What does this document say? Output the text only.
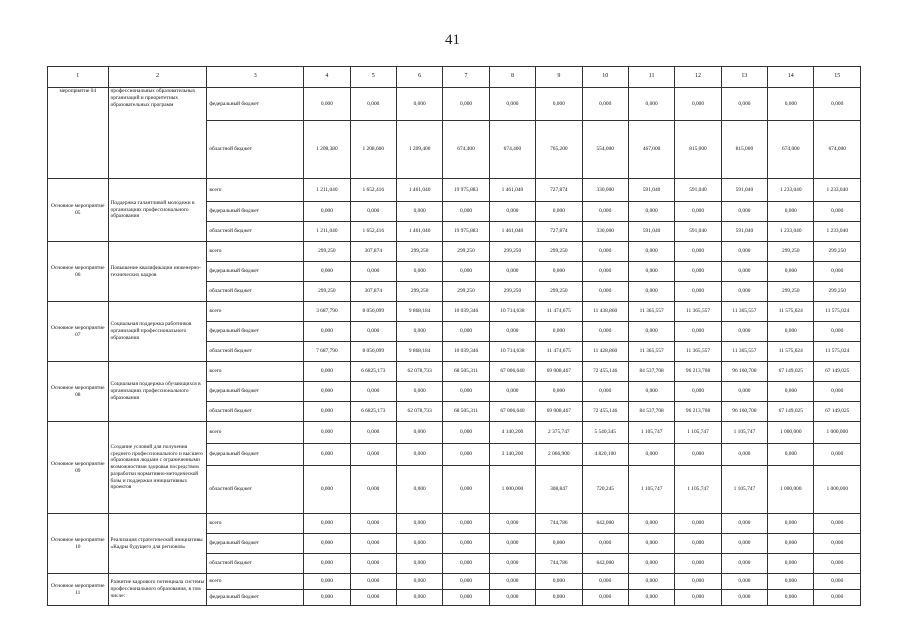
41
1	2	3	4	5	6	7	8	9	10	11	12	13	14	15
мероприятие 04	профессиональных образовательных организаций и приоритетных образовательных программ	федеральный бюджет	0,000	0,000	0,000	0,000	0,000	0,000	0,000	0,000	0,000	0,000	0,000	0,000
		областной бюджет	1 208,380	1 208,600	1 209,400	674,400	674,400	765,200	554,000	467,000	815,000	815,000	674,000	674,000
Основное мероприятие 05	Поддержка талантливой молодежи в организациях профессионального образования	всего	1 211,040	1 652,416	1 461,040	19 975,883	1 461,040	727,874	330,000	591,040	591,040	591,040	1 233,040	1 233,040
		федеральный бюджет	0,000	0,000	0,000	0,000	0,000	0,000	0,000	0,000	0,000	0,000	0,000	0,000
		областной бюджет	1 211,040	1 652,416	1 461,040	19 975,883	1 461,040	727,874	330,000	591,040	591,040	591,040	1 233,040	1 233,040
Основное мероприятие 06	Повышение квалификации инженерно- технических кадров	всего	299,250	307,874	299,250	299,250	299,250	299,250	0,000	0,000	0,000	0,000	299,250	299,250
		федеральный бюджет	0,000	0,000	0,000	0,000	0,000	0,000	0,000	0,000	0,000	0,000	0,000	0,000
		областной бюджет	299,250	307,874	299,250	299,250	299,250	299,250	0,000	0,000	0,000	0,000	299,250	299,250
Основное мероприятие 07	Социальная поддержка работников организаций профессионального образования	всего	3 687,790	8 056,099	9 868,184	10 039,346	10 714,638	11 474,675	11 438,860	11 365,557	11 365,557	11 365,557	11 575,024	11 575,024
		федеральный бюджет	0,000	0,000	0,000	0,000	0,000	0,000	0,000	0,000	0,000	0,000	0,000	0,000
		областной бюджет	7 687,790	8 056,099	9 868,184	10 039,346	10 714,638	11 474,675	11 428,860	11 365,557	11 365,557	11 365,557	11 575,024	11 575,024
Основное мероприятие 08	Социальная поддержка обучающихся в организациях профессионального образования	всего	0,000	6 6825,173	62 078,733	68 505,311	67 006,640	69 008,467	72 455,146	84 537,708	96 213,708	96 160,708	67 149,025	67 149,025
		федеральный бюджет	0,000	0,000	0,000	0,000	0,000	0,000	0,000	0,000	0,000	0,000	0,000	0,000
		областной бюджет	0,000	6 6825,173	62 078,733	68 505,311	67 006,640	69 008,467	72 455,146	84 537,708	96 213,708	96 160,708	67 149,025	67 149,025
Основное мероприятие 09	Создание условий для получения среднего профессионального и высшего образования людьми с ограниченными возможностями здоровья посредством разработки нормативно-методической базы и поддержки инициативных проектов	всего	0,000	0,000	0,000	0,000	4 140,200	2 375,747	5 540,345	1 105,747	1 105,747	1 105,747	1 000,000	1 000,000
		федеральный бюджет	0,000	0,000	0,000	0,000	3 140,200	2 066,900	4 820,100	0,000	0,000	0,000	0,000	0,000
		областной бюджет	0,000	0,000	0,000	0,000	1 000,000	308,847	720,245	1 105,747	1 105,747	1 105,747	1 000,000	1 000,000
Основное мероприятие 10	Реализация стратегической инициативы «Кадры будущего для регионов»	всего	0,000	0,000	0,000	0,000	0,000	744,786	642,000	0,000	0,000	0,000	0,000	0,000
		федеральный бюджет	0,000	0,000	0,000	0,000	0,000	0,000	0,000	0,000	0,000	0,000	0,000	0,000
		областной бюджет	0,000	0,000	0,000	0,000	0,000	744,786	642,000	0,000	0,000	0,000	0,000	0,000
Основное мероприятие 11	Развитие кадрового потенциала системы профессионального образования, в том числе:	всего	0,000	0,000	0,000	0,000	0,000	0,000	0,000	0,000	0,000	0,000	0,000	0,000
		федеральный бюджет	0,000	0,000	0,000	0,000	0,000	0,000	0,000	0,000	0,000	0,000	0,000	0,000
